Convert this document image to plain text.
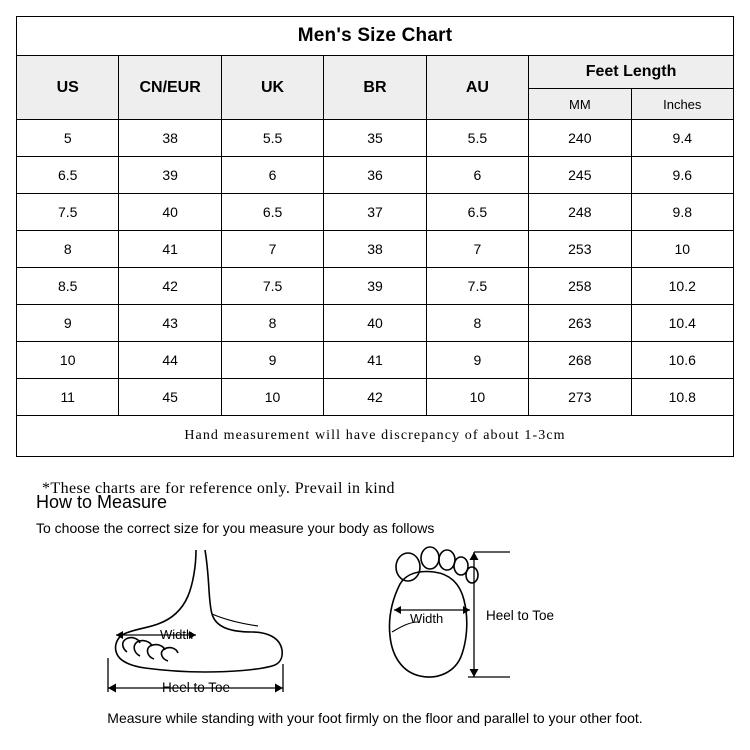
Men's Size Chart						
US	CN/EUR	UK	BR	AU	Feet Length	
					MM	Inches
5	38	5.5	35	5.5	240	9.4
6.5	39	6	36	6	245	9.6
7.5	40	6.5	37	6.5	248	9.8
8	41	7	38	7	253	10
8.5	42	7.5	39	7.5	258	10.2
9	43	8	40	8	263	10.4
10	44	9	41	9	268	10.6
11	45	10	42	10	273	10.8
Hand measurement will have discrepancy of about 1-3cm						
*These charts are for reference only. Prevail in kind
How to Measure
To choose the correct size for you measure your body as follows
Width
Heel to Toe
Width	Heel to Toe
Measure while standing with your foot firmly on the floor and parallel to your other foot.
